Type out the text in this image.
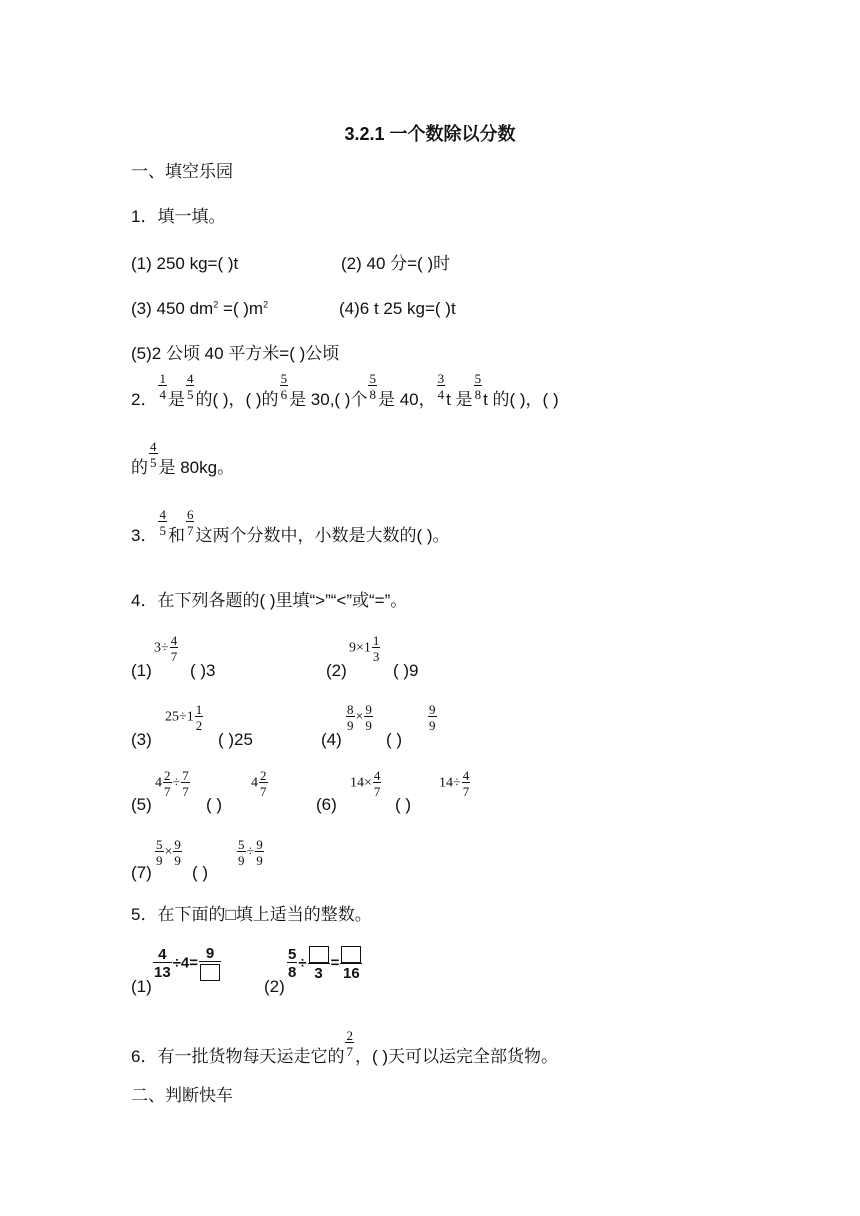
3.2.1 一个数除以分数
一、填空乐园
1．填一填。
(1) 250 kg=( )t	(2) 40 分=( )时
(3) 450 $dm^2$ =( )$m^2$	(4)6 t 25 kg=( )t
(5)2 公顷 40 平方米=( )公顷
2． $\frac{1}{4}$ 是 $\frac{4}{5}$ 的( )，( )的 $\frac{5}{6}$ 是 30,( )个 $\frac{5}{8}$ 是 40， $\frac{3}{4}$ t 是 $\frac{5}{8}$ t 的( )，( )
的 $\frac{4}{5}$ 是 80kg。
3． $\frac{4}{5}$ 和 $\frac{6}{7}$ 这两个分数中，小数是大数的( )。
4．在下列各题的( )里填“>”“<”或“=”。
(1)
$3\div \frac{4}{7}$
( )3	(2)
$9\times 1 \frac{1}{3}$
( )9
(3)
$25\div 1 \frac{1}{2}$
( )25	(4)
$\frac{8}{9} \times \frac{9}{9}$
( )
$\frac{9}{9}$
(5)
$4 \frac{2}{7} \div \frac{7}{7}$
( )
$4 \frac{2}{7}$
(6)
$14\times \frac{4}{7}$
( )
$14\div \frac{4}{7}$
(7)
$\frac{5}{9} \times \frac{9}{9}$
( )
$\frac{5}{9} \div \frac{9}{9}$
5．在下面的□填上适当的整数。
(1)
$\frac{4}{13} \div 4=$
9
(2)
$\frac{5}{8}$ ÷
3
=
16
6．有一批货物每天运走它的 $\frac{2}{7}$ ，( )天可以运完全部货物。
二、判断快车
